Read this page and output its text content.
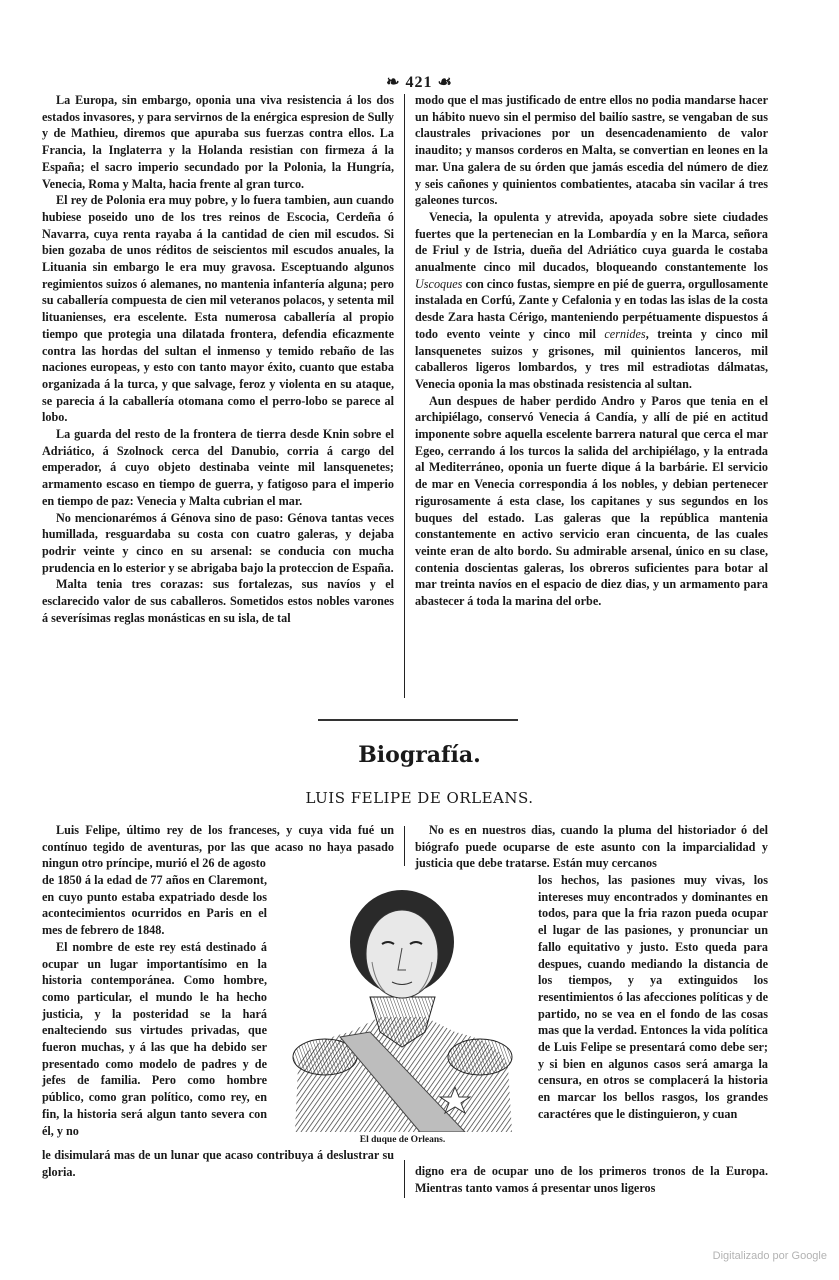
❧ 421 ☙

La Europa, sin embargo, oponia una viva resistencia á los dos estados invasores, y para servirnos de la enérgica espresion de Sully y de Mathieu, diremos que apuraba sus fuerzas contra ellos. La Francia, la Inglaterra y la Holanda resistian con firmeza á la España; el sacro imperio secundado por la Polonia, la Hungría, Venecia, Roma y Malta, hacia frente al gran turco.

El rey de Polonia era muy pobre, y lo fuera tambien, aun cuando hubiese poseido uno de los tres reinos de Escocia, Cerdeña ó Navarra, cuya renta rayaba á la cantidad de cien mil escudos. Si bien gozaba de unos réditos de seiscientos mil escudos anuales, la Lituania sin embargo le era muy gravosa. Esceptuando algunos regimientos suizos ó alemanes, no mantenia infantería alguna; pero su caballería compuesta de cien mil veteranos polacos, y setenta mil lituanienses, era escelente. Esta numerosa caballería al propio tiempo que protegia una dilatada frontera, defendia eficazmente contra las hordas del sultan el inmenso y temido rebaño de las naciones europeas, y esto con tanto mayor éxito, cuanto que estaba organizada á la turca, y que salvage, feroz y violenta en su ataque, se parecia á la caballería otomana como el perro-lobo se parece al lobo.

La guarda del resto de la frontera de tierra desde Knin sobre el Adriático, á Szolnock cerca del Danubio, corria á cargo del emperador, á cuyo objeto destinaba veinte mil lansquenetes; armamento escaso en tiempo de guerra, y fatigoso para el imperio en tiempo de paz: Venecia y Malta cubrian el mar.

No mencionarémos á Génova sino de paso: Génova tantas veces humillada, resguardaba su costa con cuatro galeras, y dejaba podrir veinte y cinco en su arsenal: se conducia con mucha prudencia en lo esterior y se abrigaba bajo la proteccion de España.

Malta tenia tres corazas: sus fortalezas, sus navíos y el esclarecido valor de sus caballeros. Sometidos estos nobles varones á severísimas reglas monásticas en su isla, de tal

modo que el mas justificado de entre ellos no podia mandarse hacer un hábito nuevo sin el permiso del bailío sastre, se vengaban de sus claustrales privaciones por un desencadenamiento de valor inaudito; y mansos corderos en Malta, se convertian en leones en la mar. Una galera de su órden que jamás escedia del número de diez y seis cañones y quinientos combatientes, atacaba sin vacilar á tres galeones turcos.

Venecia, la opulenta y atrevida, apoyada sobre siete ciudades fuertes que la pertenecian en la Lombardía y en la Marca, señora de Friul y de Istria, dueña del Adriático cuya guarda le costaba anualmente cinco mil ducados, bloqueando constantemente los Uscoques con cinco fustas, siempre en pié de guerra, orgullosamente instalada en Corfú, Zante y Cefalonia y en todas las islas de la costa desde Zara hasta Cérigo, manteniendo perpétuamente dispuestos á todo evento veinte y cinco mil cernides, treinta y cinco mil lansquenetes suizos y grisones, mil quinientos lanceros, mil caballeros ligeros lombardos, y tres mil estradiotas dálmatas, Venecia oponia la mas obstinada resistencia al sultan.

Aun despues de haber perdido Andro y Paros que tenia en el archipiélago, conservó Venecia á Candía, y allí de pié en actitud imponente sobre aquella escelente barrera natural que cerca el mar Egeo, cerrando á los turcos la salida del archipiélago, y la entrada al Mediterráneo, oponia un fuerte dique á la barbárie. El servicio de mar en Venecia correspondia á los nobles, y debian pertenecer rigurosamente á esta clase, los capitanes y sus segundos en los buques del estado. Las galeras que la república mantenia constantemente en activo servicio eran cincuenta, de las cuales veinte eran de alto bordo. Su admirable arsenal, único en su clase, contenia doscientas galeras, los obreros suficientes para botar al mar treinta navíos en el espacio de diez dias, y un armamento para abastecer á toda la marina del orbe.

Biografía.
LUIS FELIPE DE ORLEANS.

Luis Felipe, último rey de los franceses, y cuya vida fué un contínuo tegido de aventuras, por las que acaso no haya pasado ningun otro príncipe, murió el 26 de agosto

de 1850 á la edad de 77 años en Claremont, en cuyo punto estaba expatriado desde los acontecimientos ocurridos en Paris en el mes de febrero de 1848.

El nombre de este rey está destinado á ocupar un lugar importantísimo en la historia contemporánea. Como hombre, como particular, el mundo le ha hecho justicia, y la posteridad se la hará enalteciendo sus virtudes privadas, que fueron muchas, y á las que ha debido ser presentado como modelo de padres y de jefes de familia. Pero como hombre público, como gran político, como rey, en fin, la historia será algun tanto severa con él, y no

le disimulará mas de un lunar que acaso contribuya á deslustrar su gloria.

No es en nuestros dias, cuando la pluma del historiador ó del biógrafo puede ocuparse de este asunto con la imparcialidad y justicia que debe tratarse. Están muy cercanos

los hechos, las pasiones muy vivas, los intereses muy encontrados y dominantes en todos, para que la fria razon pueda ocupar el lugar de las pasiones, y pronunciar un fallo equitativo y justo. Esto queda para despues, cuando mediando la distancia de los tiempos, y ya extinguidos los resentimientos ó las afecciones políticas y de partido, no se vea en el fondo de las cosas mas que la verdad. Entonces la vida política de Luis Felipe se presentará como debe ser; y si bien en algunos casos será amarga la censura, en otros se complacerá la historia en marcar los bellos rasgos, los grandes caractéres que le distinguieron, y cuan

digno era de ocupar uno de los primeros tronos de la Europa. Mientras tanto vamos á presentar unos ligeros

El duque de Orleans.
Digitalizado por Google
